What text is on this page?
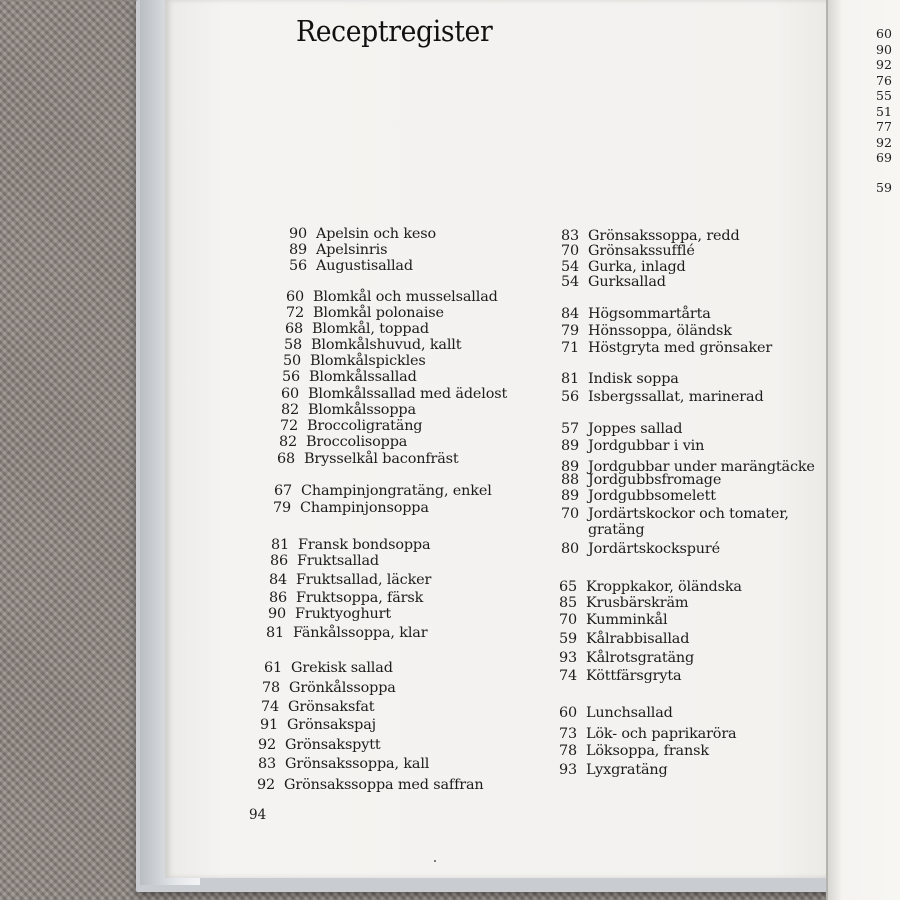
60
90
92
76
55
51
77
92
69
59
Receptregister
90 Apelsin och keso
89 Apelsinris
56 Augustisallad
60 Blomkål och musselsallad
72 Blomkål polonaise
68 Blomkål, toppad
58 Blomkålshuvud, kallt
50 Blomkålspickles
56 Blomkålssallad
60 Blomkålssallad med ädelost
82 Blomkålssoppa
72 Broccoligratäng
82 Broccolisoppa
68 Brysselkål baconfräst
67 Champinjongratäng, enkel
79 Champinjonsoppa
81 Fransk bondsoppa
86 Fruktsallad
84 Fruktsallad, läcker
86 Fruktsoppa, färsk
90 Fruktyoghurt
81 Fänkålssoppa, klar
61 Grekisk sallad
78 Grönkålssoppa
74 Grönsaksfat
91 Grönsakspaj
92 Grönsakspytt
83 Grönsakssoppa, kall
92 Grönsakssoppa med saffran
83 Grönsakssoppa, redd
70 Grönsakssufflé
54 Gurka, inlagd
54 Gurksallad
84 Högsommartårta
79 Hönssoppa, öländsk
71 Höstgryta med grönsaker
81 Indisk soppa
56 Isbergssallat, marinerad
57 Joppes sallad
89 Jordgubbar i vin
89 Jordgubbar under marängtäcke
88 Jordgubbsfromage
89 Jordgubbsomelett
70 Jordärtskockor och tomater,
gratäng
80 Jordärtskockspuré
65 Kroppkakor, öländska
85 Krusbärskräm
70 Kumminkål
59 Kålrabbisallad
93 Kålrotsgratäng
74 Köttfärsgryta
60 Lunchsallad
73 Lök- och paprikaröra
78 Löksoppa, fransk
93 Lyxgratäng
94
